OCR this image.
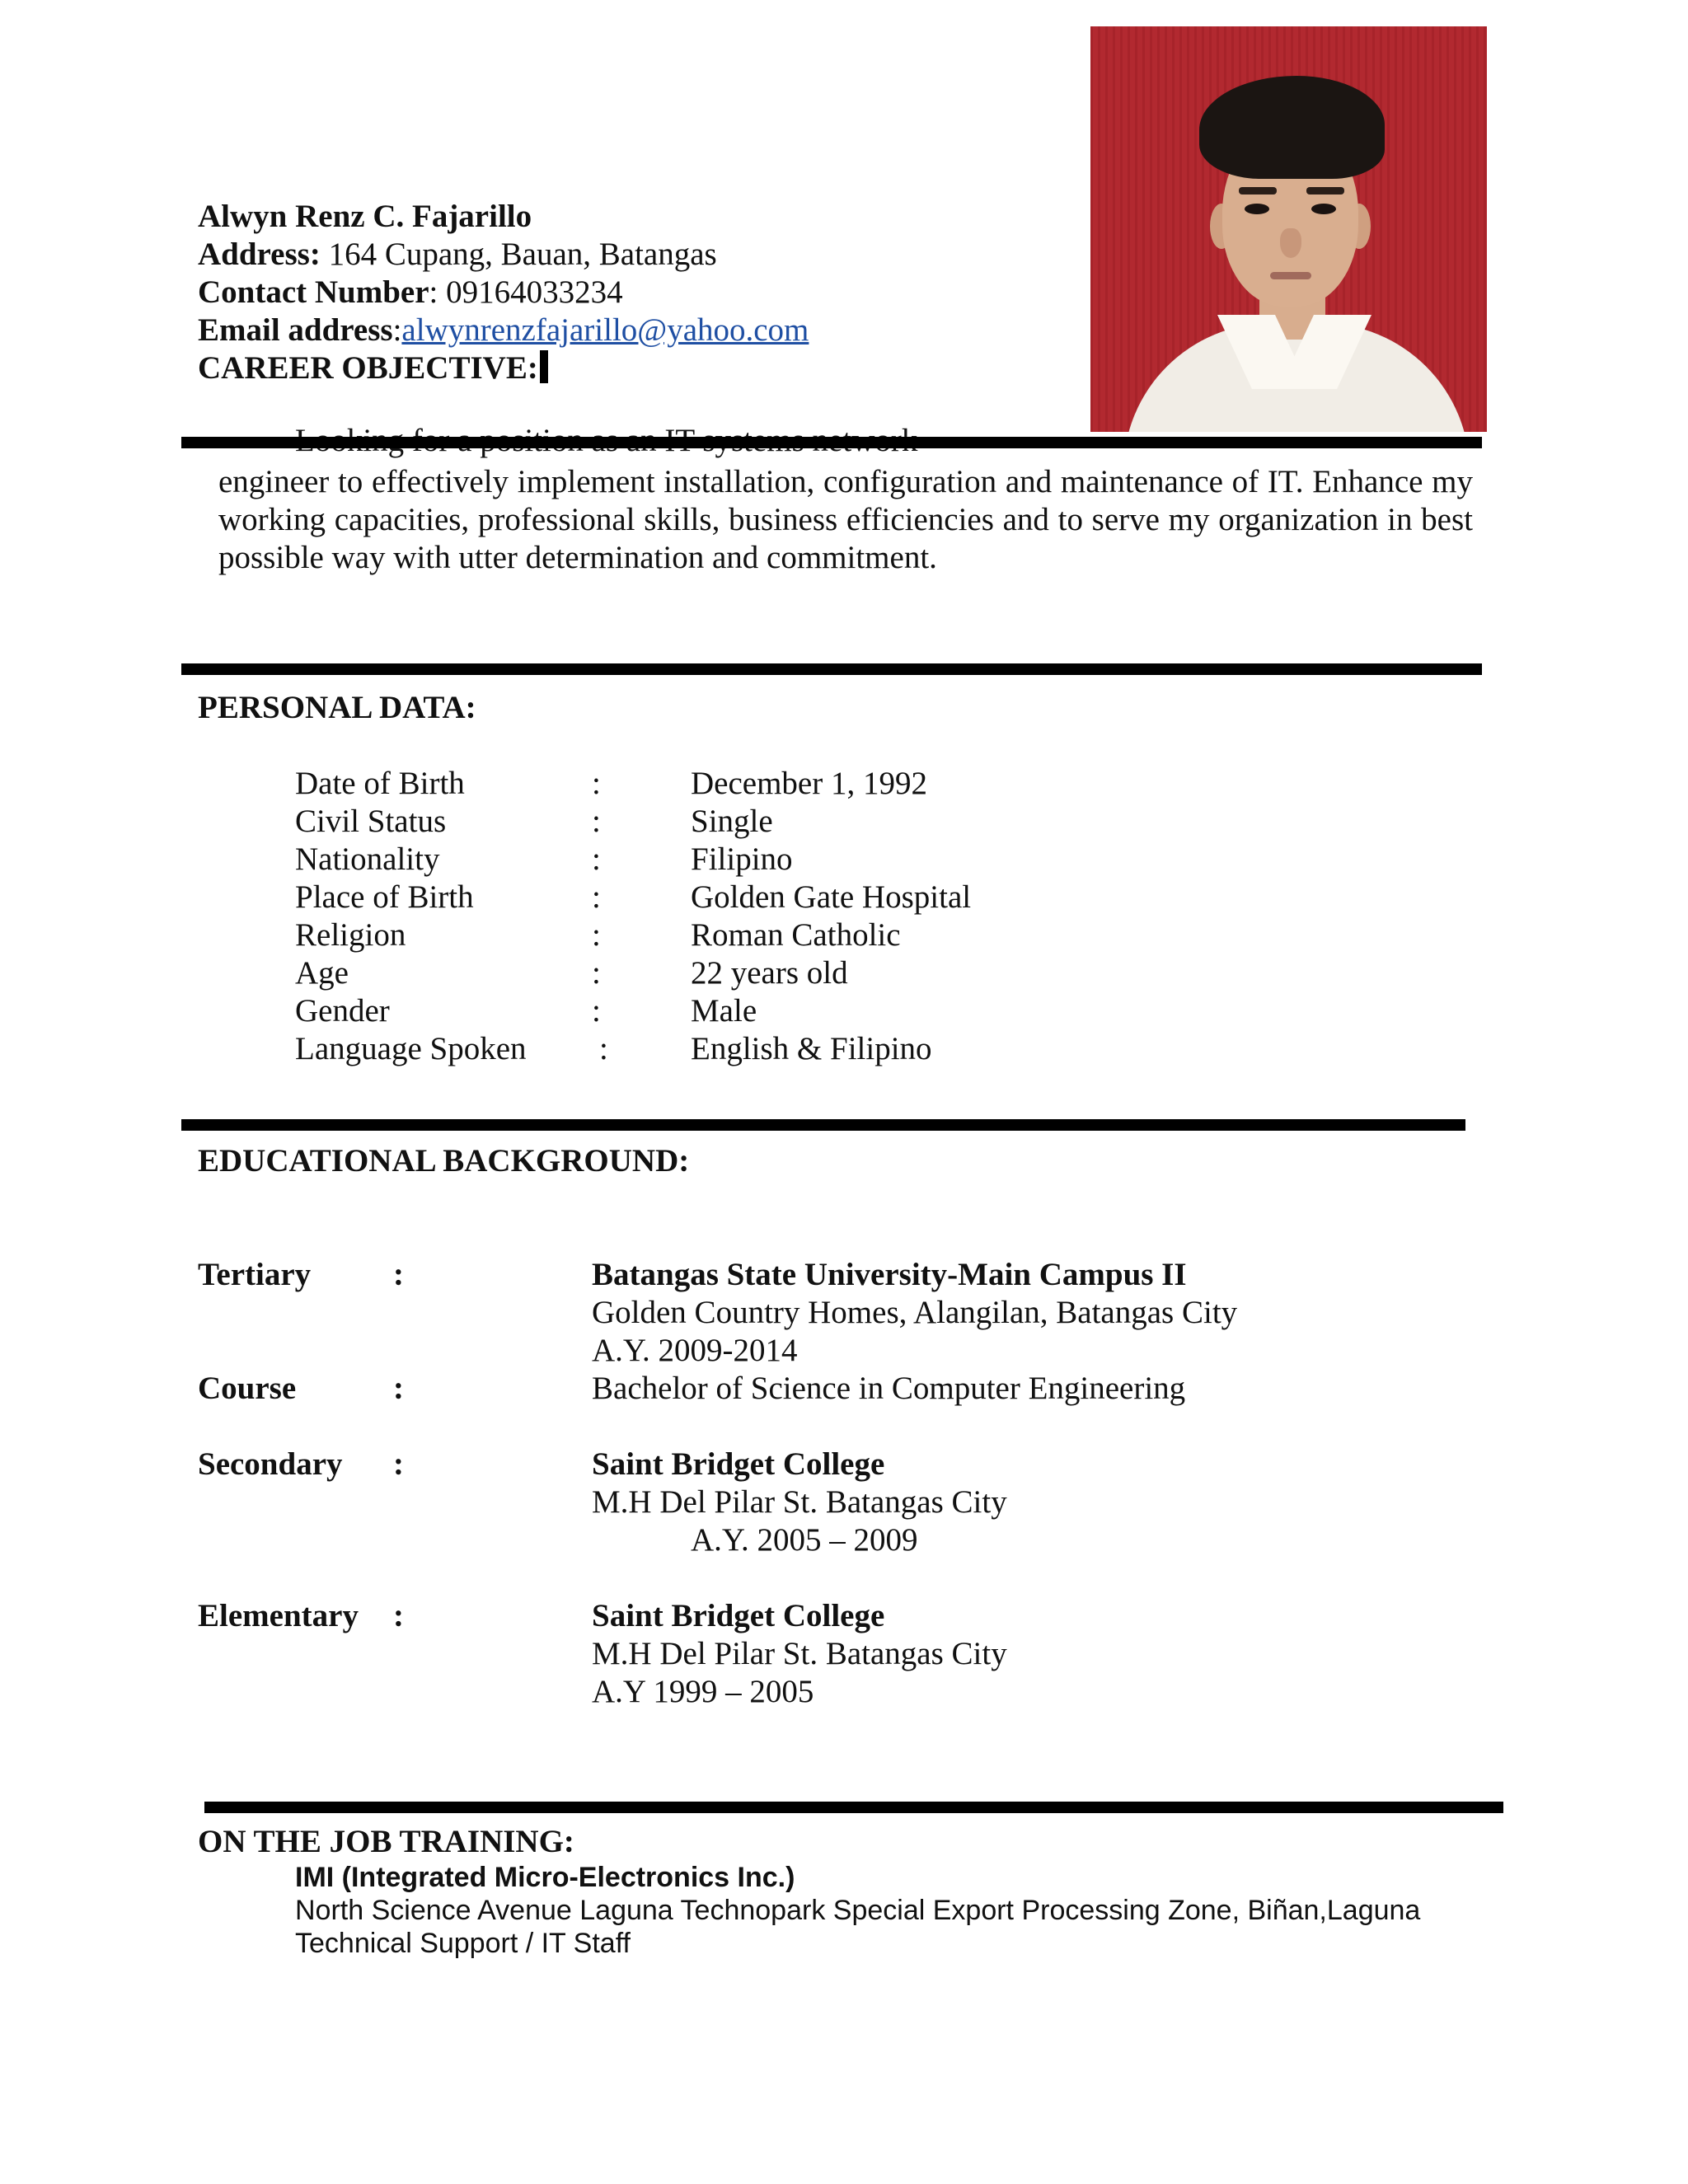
Alwyn Renz C. Fajarillo
Address: 164 Cupang, Bauan, Batangas
Contact Number: 09164033234
Email address:alwynrenzfajarillo@yahoo.com
CAREER OBJECTIVE:
engineer to effectively implement installation, configuration and maintenance of IT. Enhance my working capacities, professional skills, business efficiencies and to serve my organization in best possible way with utter determination and commitment.
PERSONAL DATA:
Date of Birth	:	December 1, 1992
Civil Status	:	Single
Nationality	:	Filipino
Place of Birth	:	Golden Gate Hospital
Religion	:	Roman Catholic
Age	:	22 years old
Gender	:	Male
Language Spoken :	English & Filipino
EDUCATIONAL BACKGROUND:
Tertiary	:	Batangas State University-Main Campus II
Golden Country Homes, Alangilan, Batangas City
A.Y. 2009-2014
Course	:	Bachelor of Science in Computer Engineering
Secondary :	Saint Bridget College
M.H Del Pilar St. Batangas City
A.Y. 2005 – 2009
Elementary :	Saint Bridget College
M.H Del Pilar St. Batangas City
A.Y 1999 – 2005
ON THE JOB TRAINING:
IMI (Integrated Micro-Electronics Inc.)
North Science Avenue Laguna Technopark Special Export Processing Zone, Biñan,Laguna
Technical Support / IT Staff
